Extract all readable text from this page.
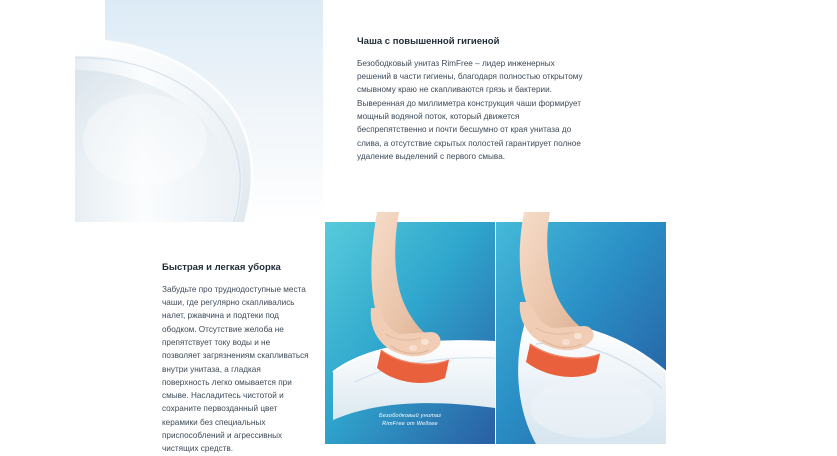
Чаша с повышенной гигиеной

Безободковый унитаз RimFree – лидер инженерных решений в части гигиены, благодаря полностью открытому смывному краю не скапливаются грязь и бактерии. Выверенная до миллиметра конструкция чаши формирует мощный водяной поток, который движется беспрепятственно и почти бесшумно от края унитаза до слива, а отсутствие скрытых полостей гарантирует полное удаление выделений с первого смыва.

Быстрая и легкая уборка

Забудьте про труднодоступные места чаши, где регулярно скапливались налет, ржавчина и подтеки под ободком. Отсутствие желоба не препятствует току воды и не позволяет загрязнениям скапливаться внутри унитаза, а гладкая поверхность легко омывается при смыве. Насладитесь чистотой и сохраните первозданный цвет керамики без специальных приспособлений и агрессивных чистящих средств.

Безободковый унитаз
RimFree от Wellsee
Классический
унитаз с ободком
